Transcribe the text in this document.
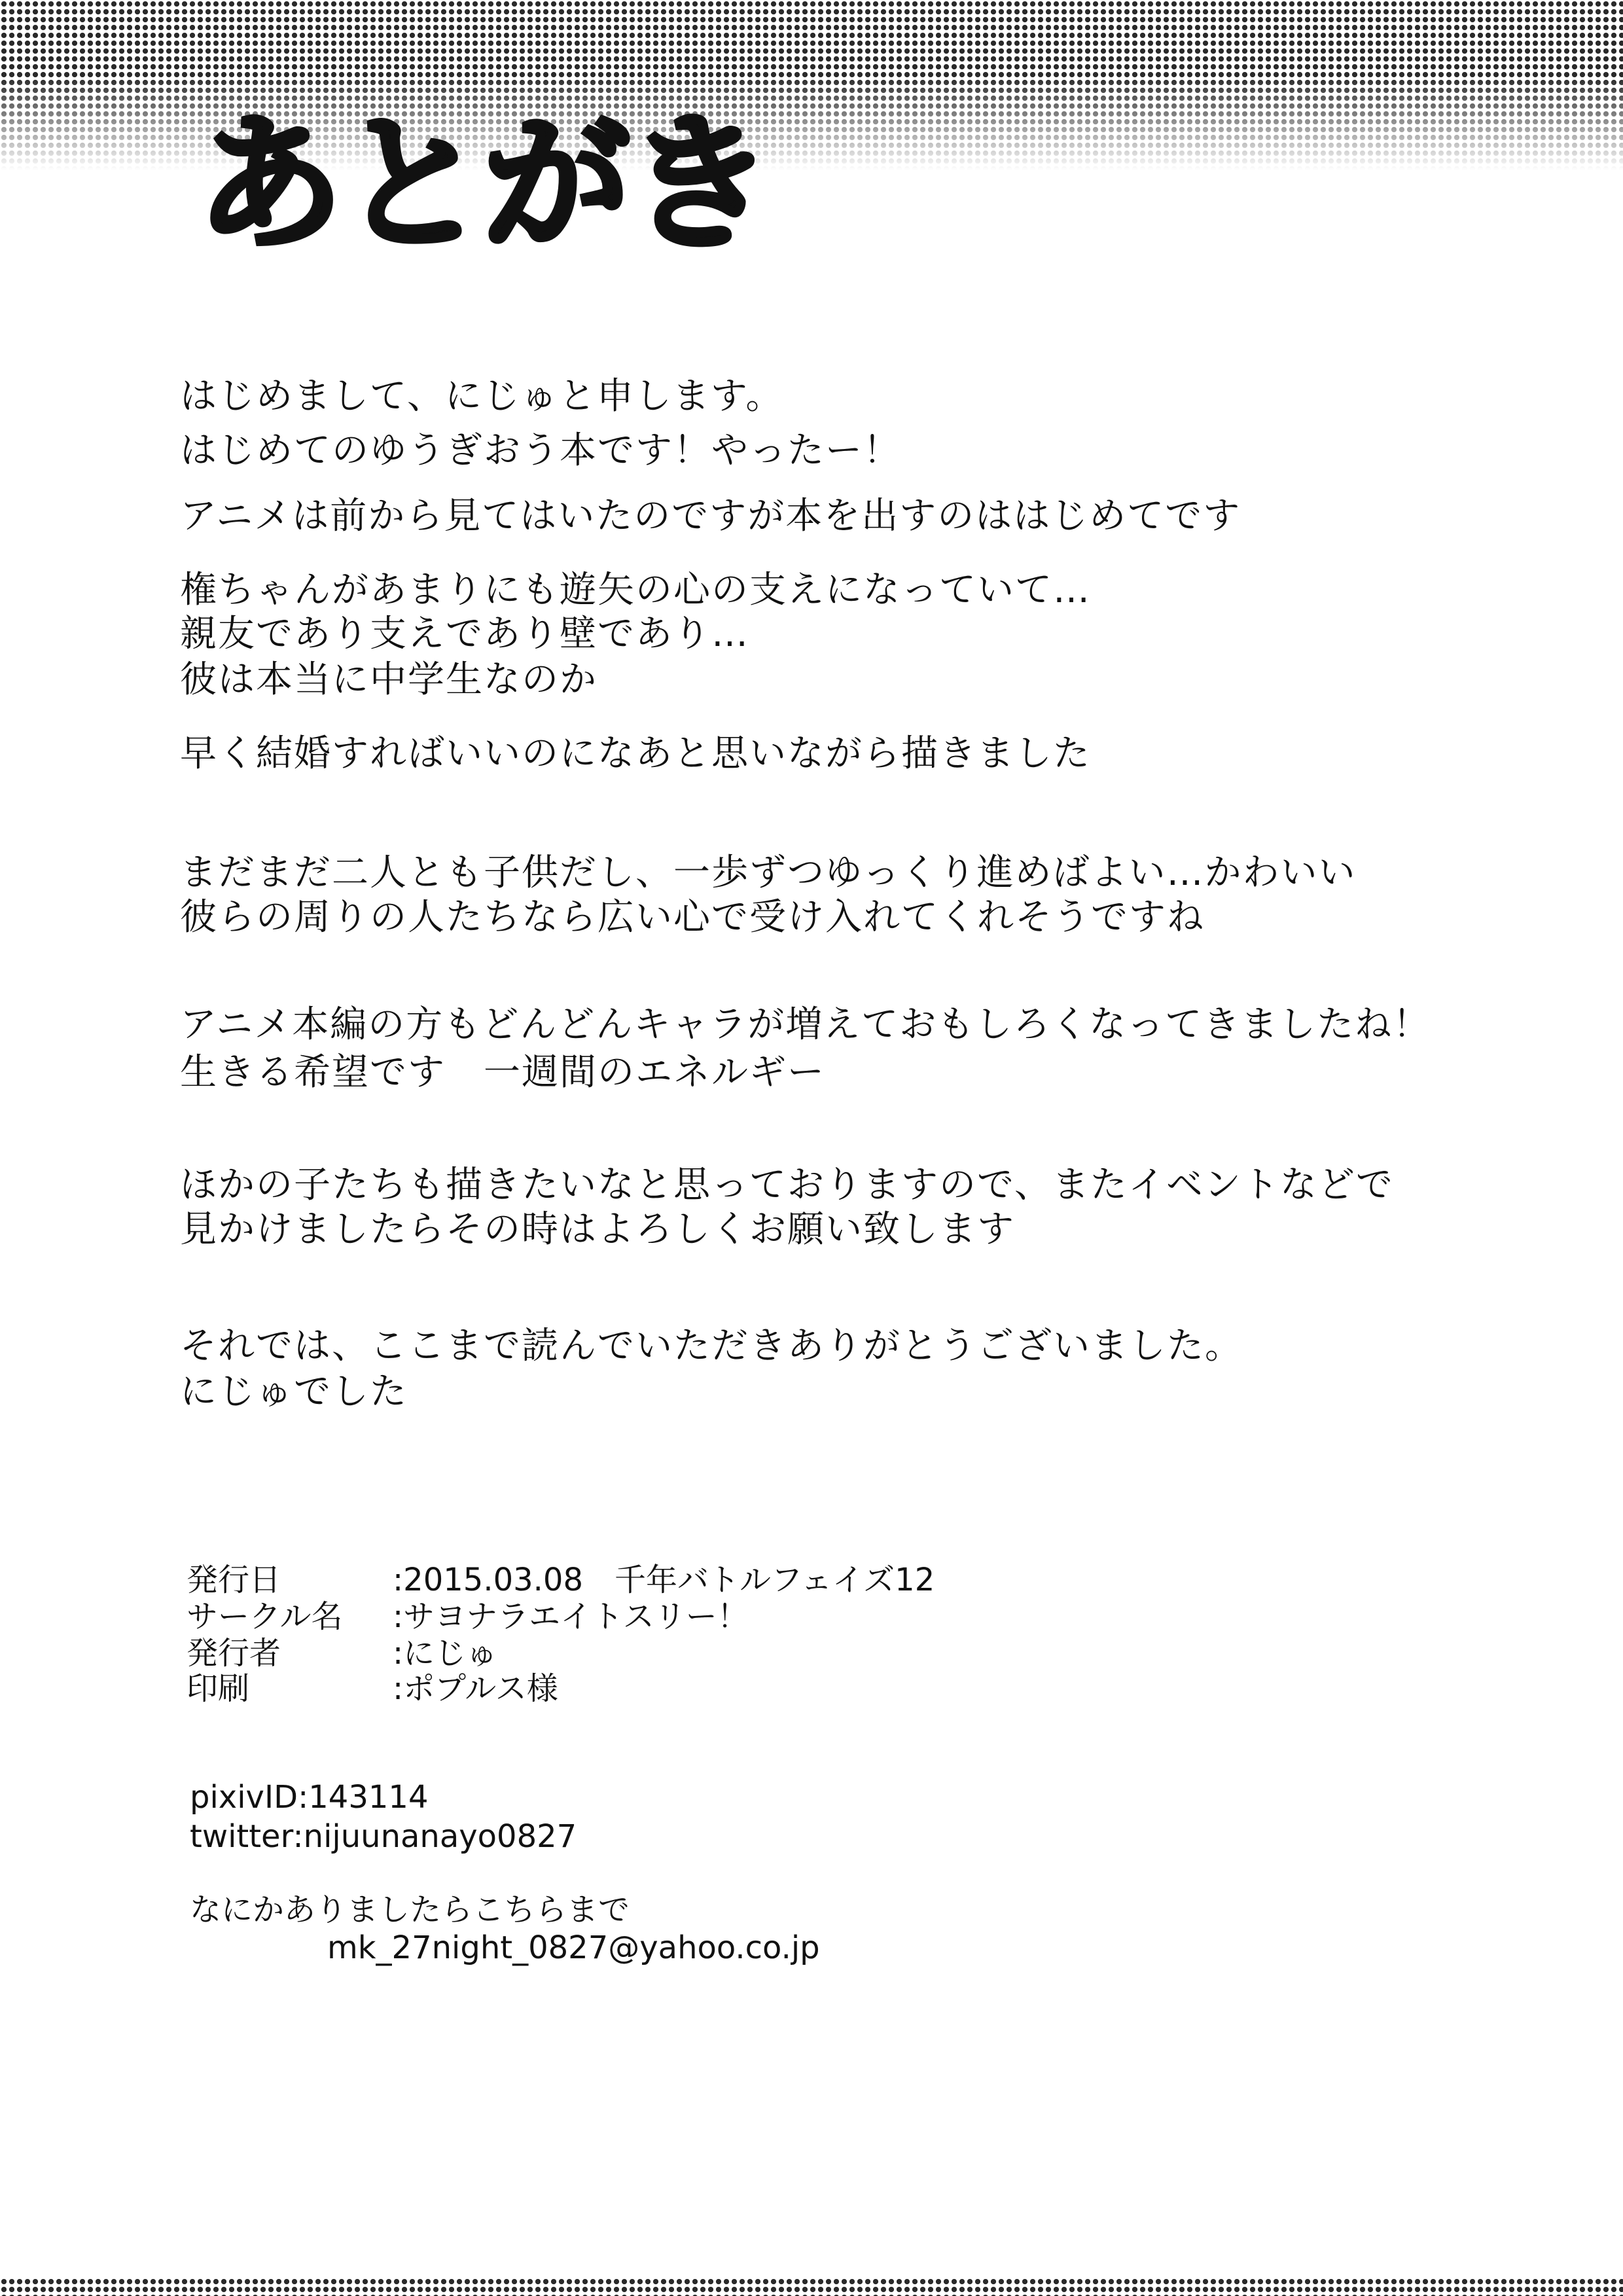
あとがき
はじめまして、にじゅと申します。
はじめてのゆうぎおう本です！やったー！
アニメは前から見てはいたのですが本を出すのははじめてです
権ちゃんがあまりにも遊矢の心の支えになっていて…
親友であり支えであり壁であり…
彼は本当に中学生なのか
早く結婚すればいいのになあと思いながら描きました
まだまだ二人とも子供だし、一歩ずつゆっくり進めばよい…かわいい
彼らの周りの人たちなら広い心で受け入れてくれそうですね
アニメ本編の方もどんどんキャラが増えておもしろくなってきましたね！
生きる希望です　一週間のエネルギー
ほかの子たちも描きたいなと思っておりますので、またイベントなどで
見かけましたらその時はよろしくお願い致します
それでは、ここまで読んでいただきありがとうございました。
にじゅでした
発行日	:2015.03.08　千年バトルフェイズ12
サークル名 :サヨナラエイトスリー！
発行者	:にじゅ
印刷	:ポプルス様
pixivID:143114
twitter:nijuunanayo0827
なにかありましたらこちらまで
mk_27night_0827@yahoo.co.jp
